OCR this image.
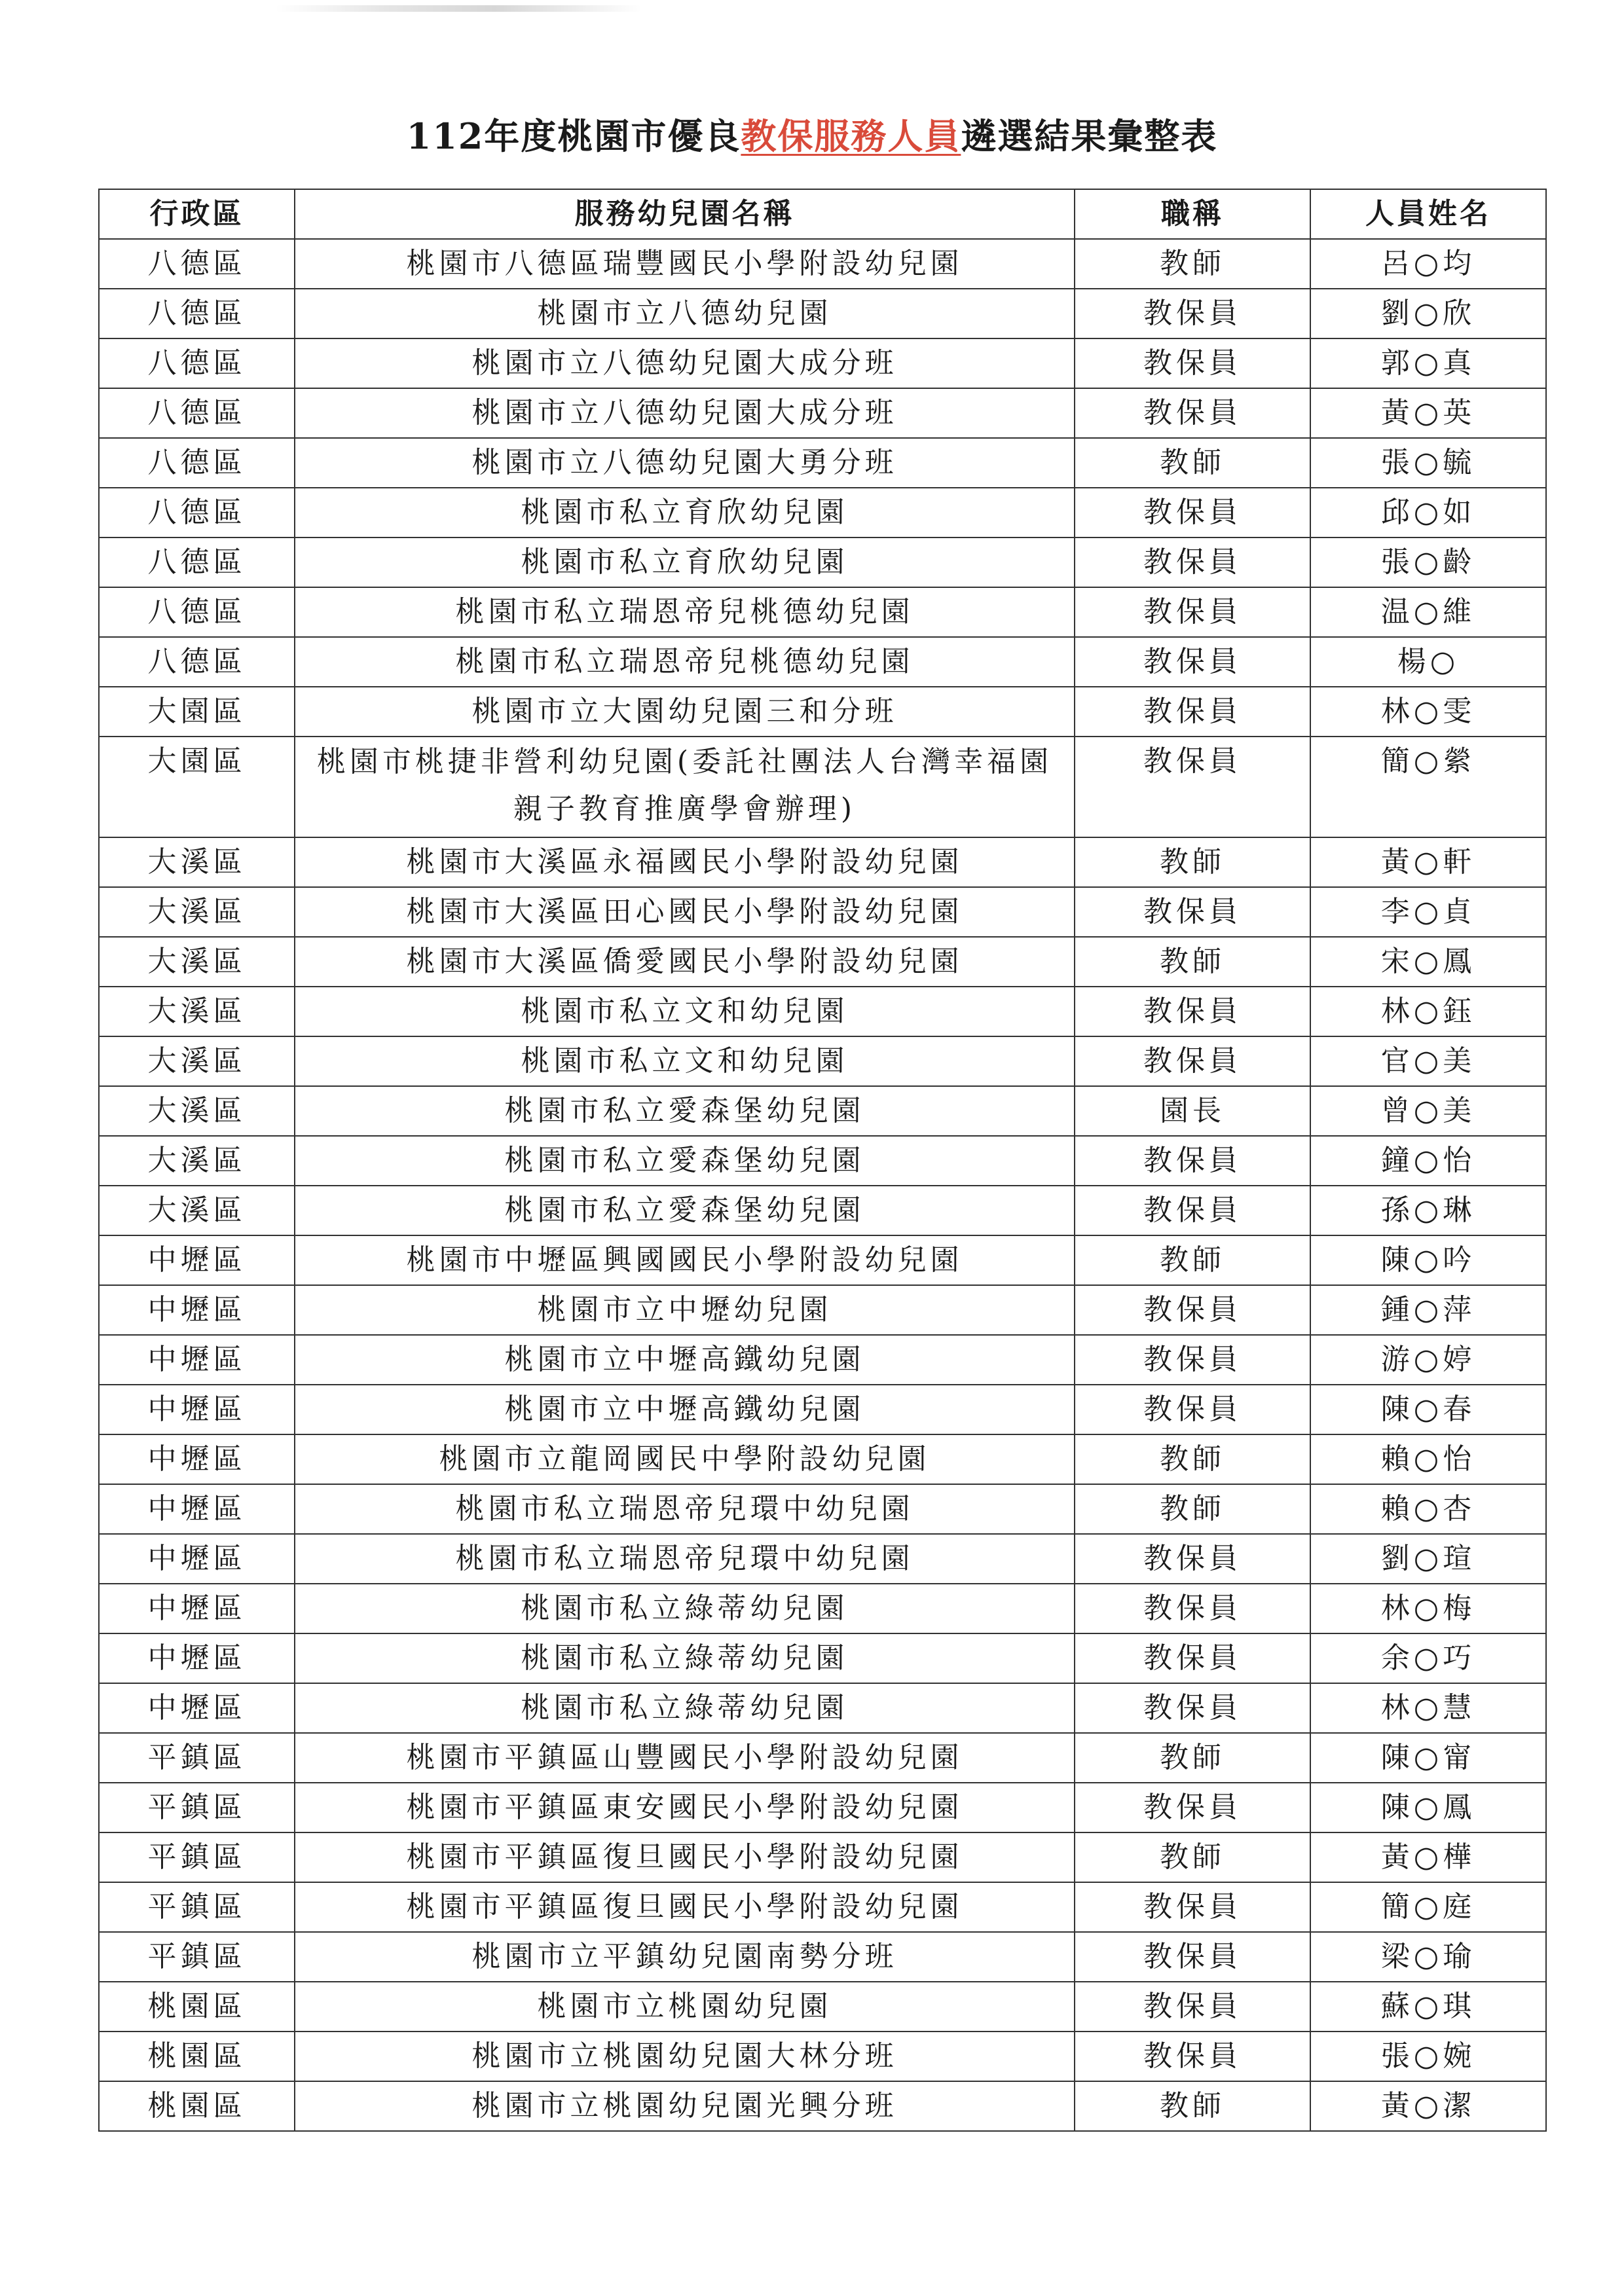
112年度桃園市優良教保服務人員遴選結果彙整表
行政區	服務幼兒園名稱	職稱	人員姓名
八德區	桃園市八德區瑞豐國民小學附設幼兒園	教師	呂○均
八德區	桃園市立八德幼兒園	教保員	劉○欣
八德區	桃園市立八德幼兒園大成分班	教保員	郭○真
八德區	桃園市立八德幼兒園大成分班	教保員	黃○英
八德區	桃園市立八德幼兒園大勇分班	教師	張○毓
八德區	桃園市私立育欣幼兒園	教保員	邱○如
八德區	桃園市私立育欣幼兒園	教保員	張○齡
八德區	桃園市私立瑞恩帝兒桃德幼兒園	教保員	温○維
八德區	桃園市私立瑞恩帝兒桃德幼兒園	教保員	楊○
大園區	桃園市立大園幼兒園三和分班	教保員	林○雯
大園區	桃園市桃捷非營利幼兒園(委託社團法人台灣幸福園親子教育推廣學會辦理)	教保員	簡○縈
大溪區	桃園市大溪區永福國民小學附設幼兒園	教師	黃○軒
大溪區	桃園市大溪區田心國民小學附設幼兒園	教保員	李○貞
大溪區	桃園市大溪區僑愛國民小學附設幼兒園	教師	宋○鳳
大溪區	桃園市私立文和幼兒園	教保員	林○鈺
大溪區	桃園市私立文和幼兒園	教保員	官○美
大溪區	桃園市私立愛森堡幼兒園	園長	曾○美
大溪區	桃園市私立愛森堡幼兒園	教保員	鐘○怡
大溪區	桃園市私立愛森堡幼兒園	教保員	孫○琳
中壢區	桃園市中壢區興國國民小學附設幼兒園	教師	陳○吟
中壢區	桃園市立中壢幼兒園	教保員	鍾○萍
中壢區	桃園市立中壢高鐵幼兒園	教保員	游○婷
中壢區	桃園市立中壢高鐵幼兒園	教保員	陳○春
中壢區	桃園市立龍岡國民中學附設幼兒園	教師	賴○怡
中壢區	桃園市私立瑞恩帝兒環中幼兒園	教師	賴○杏
中壢區	桃園市私立瑞恩帝兒環中幼兒園	教保員	劉○瑄
中壢區	桃園市私立綠蒂幼兒園	教保員	林○梅
中壢區	桃園市私立綠蒂幼兒園	教保員	余○巧
中壢區	桃園市私立綠蒂幼兒園	教保員	林○慧
平鎮區	桃園市平鎮區山豐國民小學附設幼兒園	教師	陳○甯
平鎮區	桃園市平鎮區東安國民小學附設幼兒園	教保員	陳○鳳
平鎮區	桃園市平鎮區復旦國民小學附設幼兒園	教師	黃○樺
平鎮區	桃園市平鎮區復旦國民小學附設幼兒園	教保員	簡○庭
平鎮區	桃園市立平鎮幼兒園南勢分班	教保員	梁○瑜
桃園區	桃園市立桃園幼兒園	教保員	蘇○琪
桃園區	桃園市立桃園幼兒園大林分班	教保員	張○婉
桃園區	桃園市立桃園幼兒園光興分班	教師	黃○潔
